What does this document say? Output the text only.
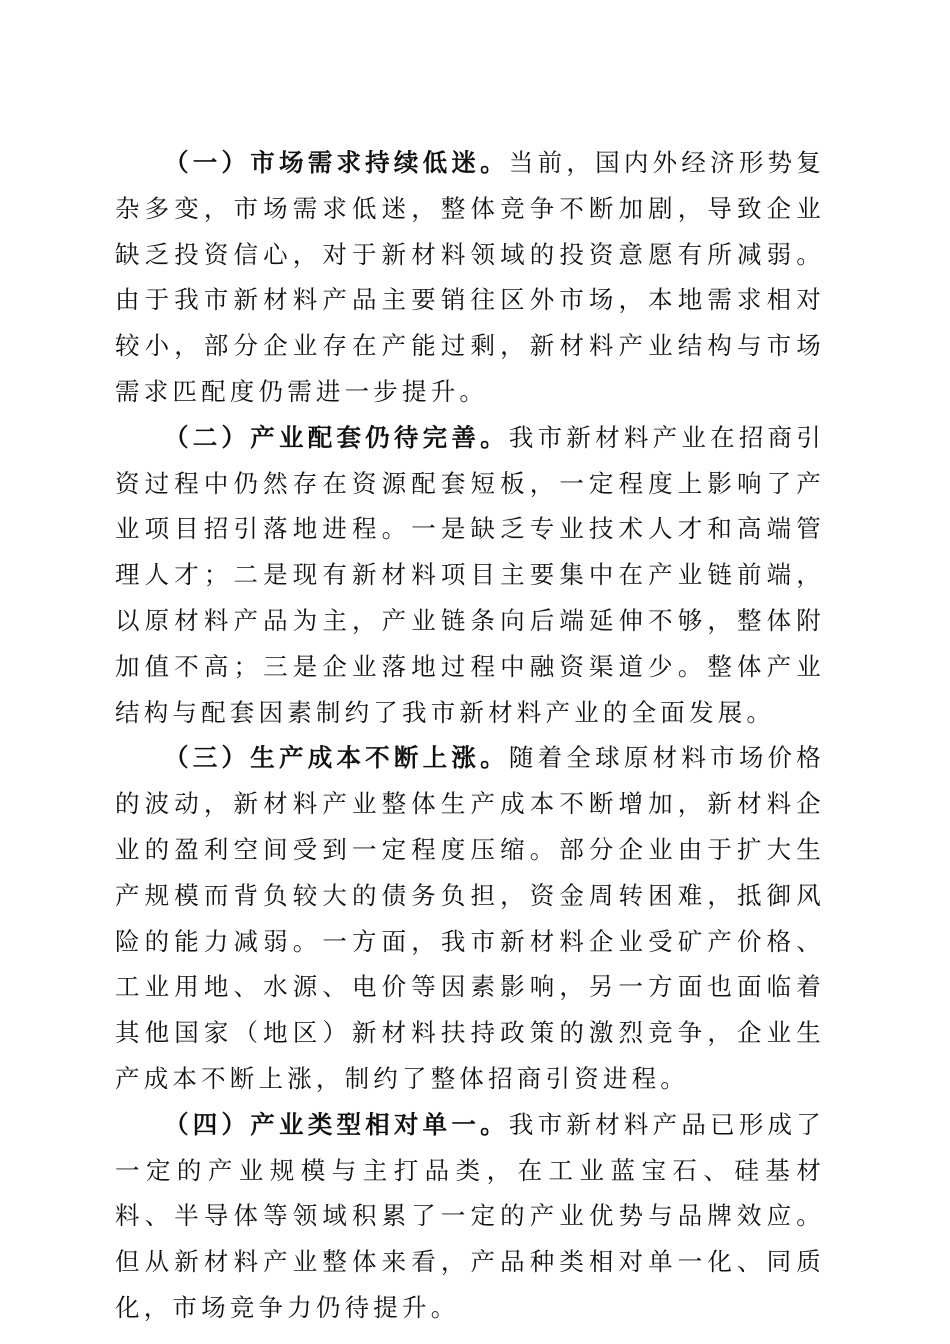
（一）市场需求持续低迷。当前，国内外经济形势复杂多变，市场需求低迷，整体竞争不断加剧，导致企业缺乏投资信心，对于新材料领域的投资意愿有所减弱。由于我市新材料产品主要销往区外市场，本地需求相对较小，部分企业存在产能过剩，新材料产业结构与市场需求匹配度仍需进一步提升。

（二）产业配套仍待完善。我市新材料产业在招商引资过程中仍然存在资源配套短板，一定程度上影响了产业项目招引落地进程。一是缺乏专业技术人才和高端管理人才；二是现有新材料项目主要集中在产业链前端，以原材料产品为主，产业链条向后端延伸不够，整体附加值不高；三是企业落地过程中融资渠道少。整体产业结构与配套因素制约了我市新材料产业的全面发展。

（三）生产成本不断上涨。随着全球原材料市场价格的波动，新材料产业整体生产成本不断增加，新材料企业的盈利空间受到一定程度压缩。部分企业由于扩大生产规模而背负较大的债务负担，资金周转困难，抵御风险的能力减弱。一方面，我市新材料企业受矿产价格、工业用地、水源、电价等因素影响，另一方面也面临着其他国家（地区）新材料扶持政策的激烈竞争，企业生产成本不断上涨，制约了整体招商引资进程。

（四）产业类型相对单一。我市新材料产品已形成了一定的产业规模与主打品类，在工业蓝宝石、硅基材料、半导体等领域积累了一定的产业优势与品牌效应。但从新材料产业整体来看，产品种类相对单一化、同质化，市场竞争力仍待提升。
